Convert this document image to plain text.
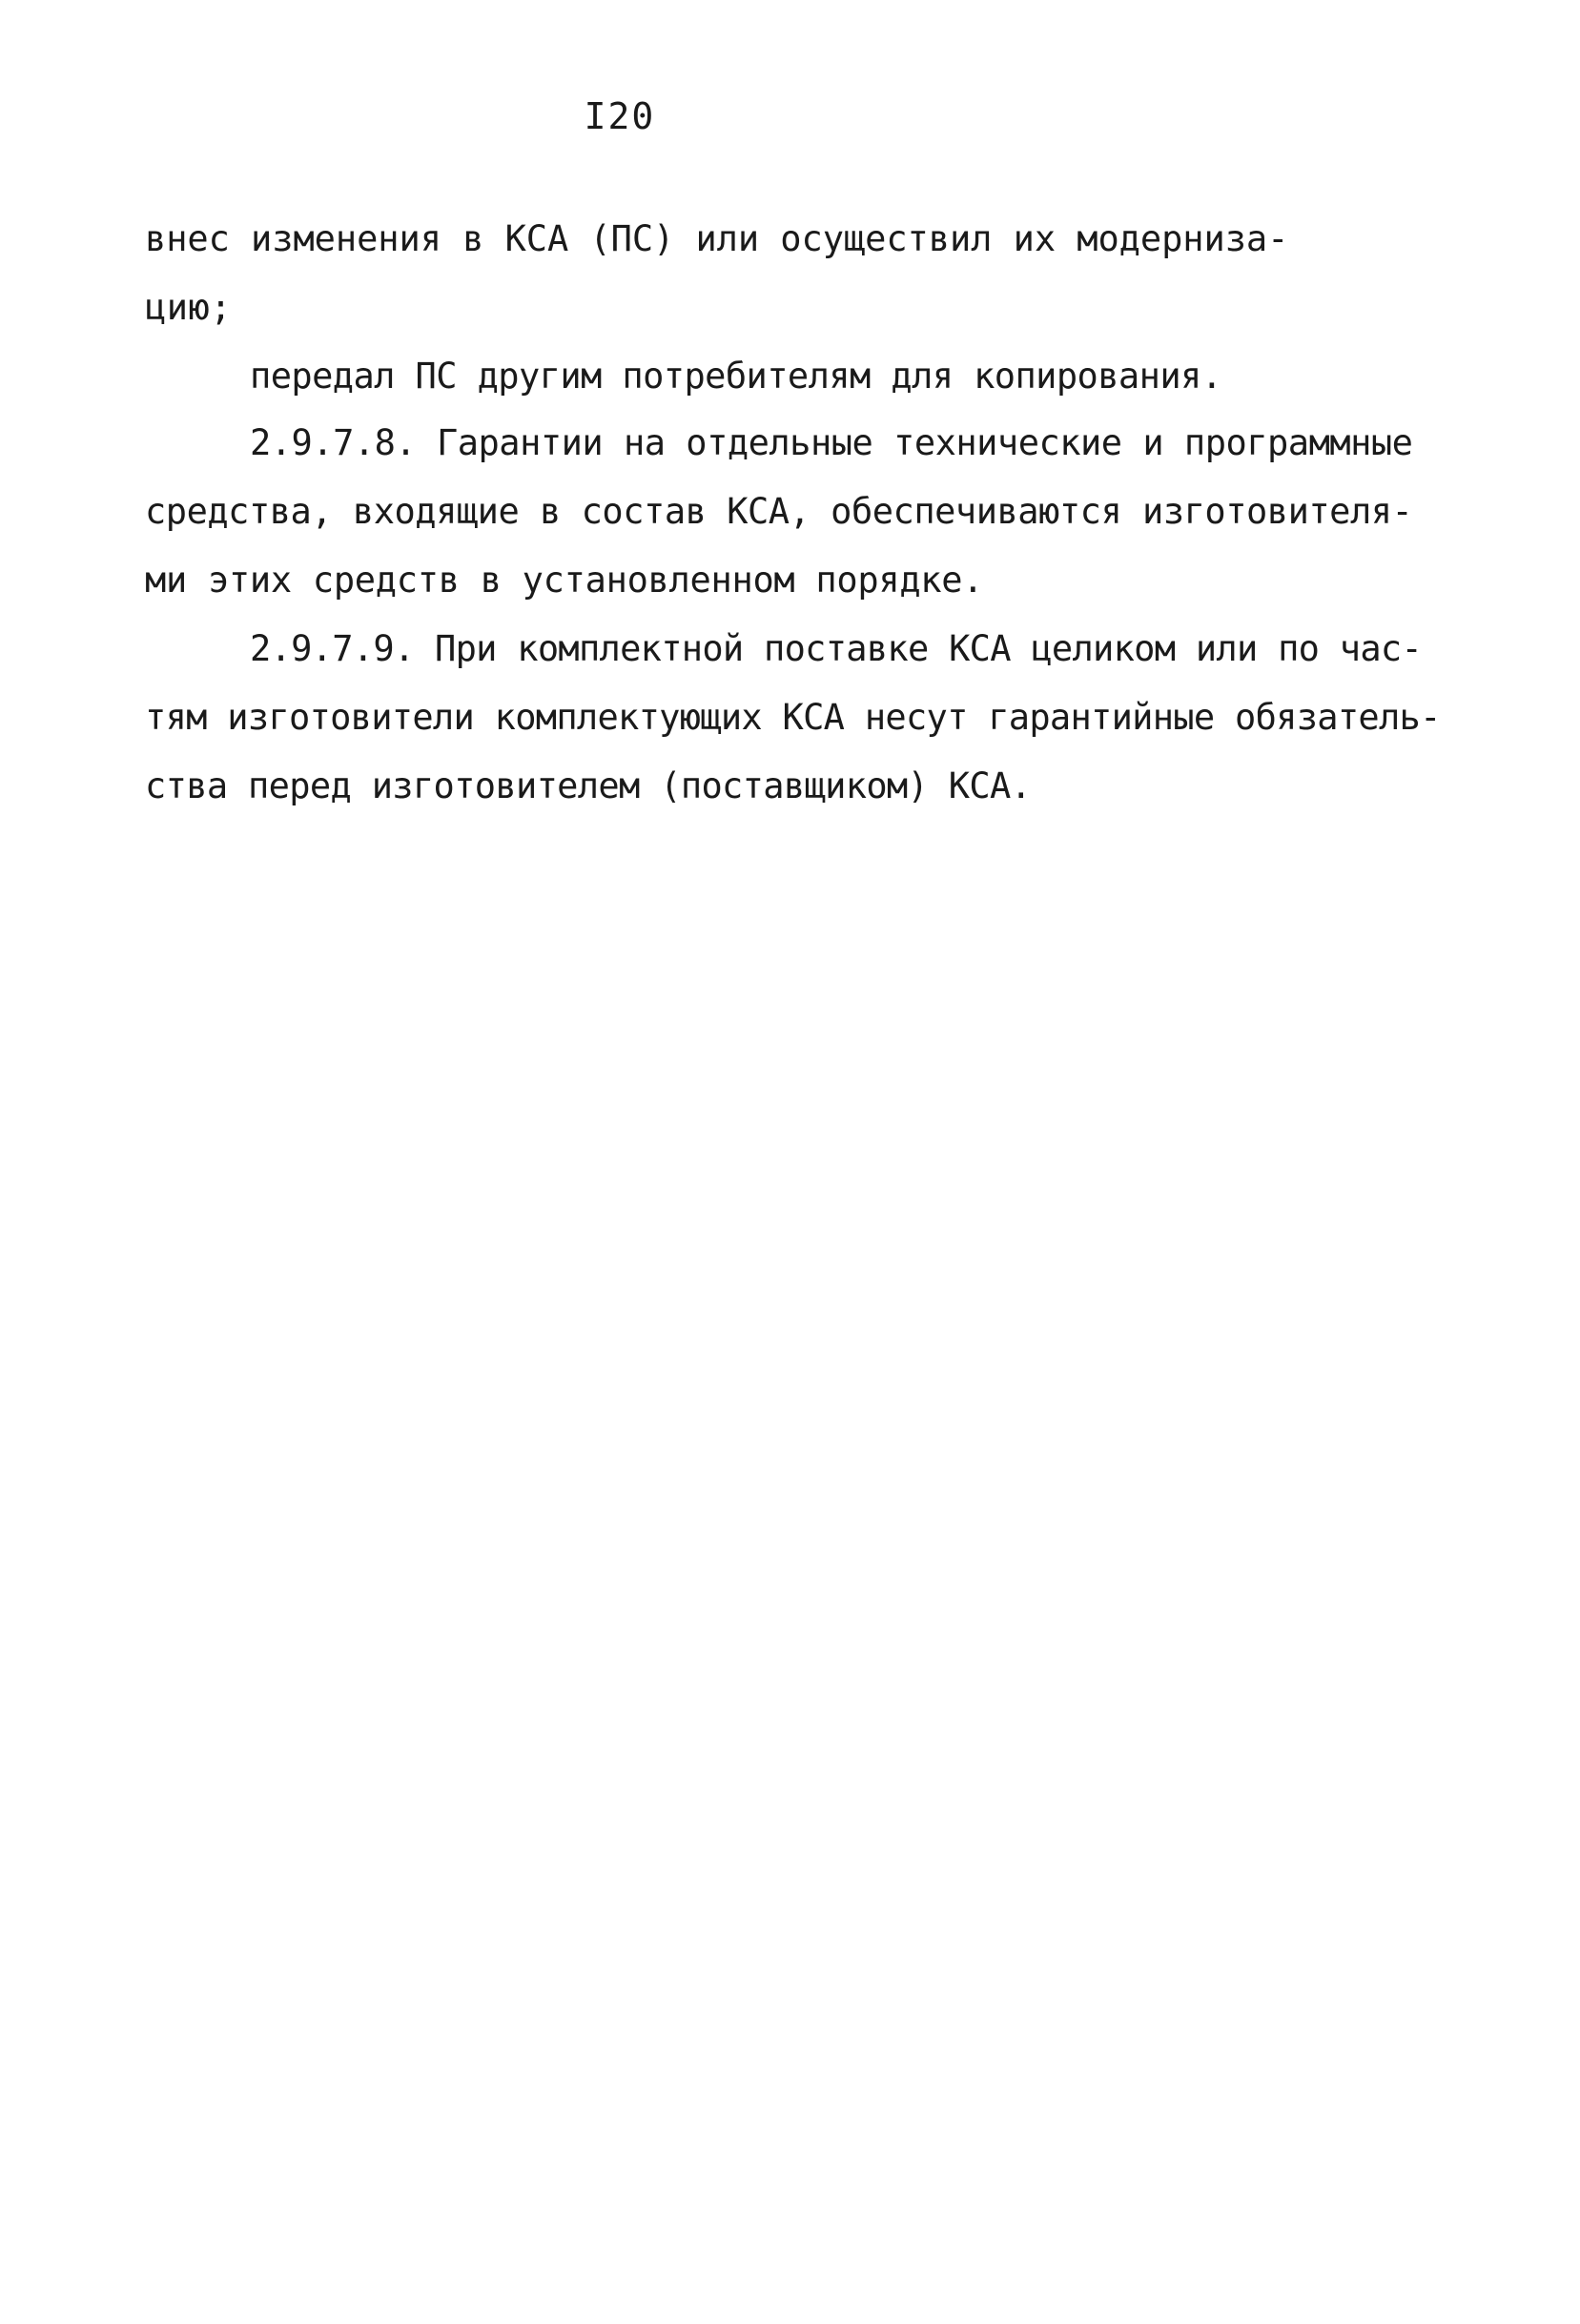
I20
внес изменения в КСА (ПС) или осуществил их модерниза-
цию;
передал ПС другим потребителям для копирования.
2.9.7.8. Гарантии на отдельные технические и программные
средства, входящие в состав КСА, обеспечиваются изготовителя-
ми этих средств в установленном порядке.
2.9.7.9. При комплектной поставке КСА целиком или по час-
тям изготовители комплектующих КСА несут гарантийные обязатель-
ства перед изготовителем (поставщиком) КСА.
